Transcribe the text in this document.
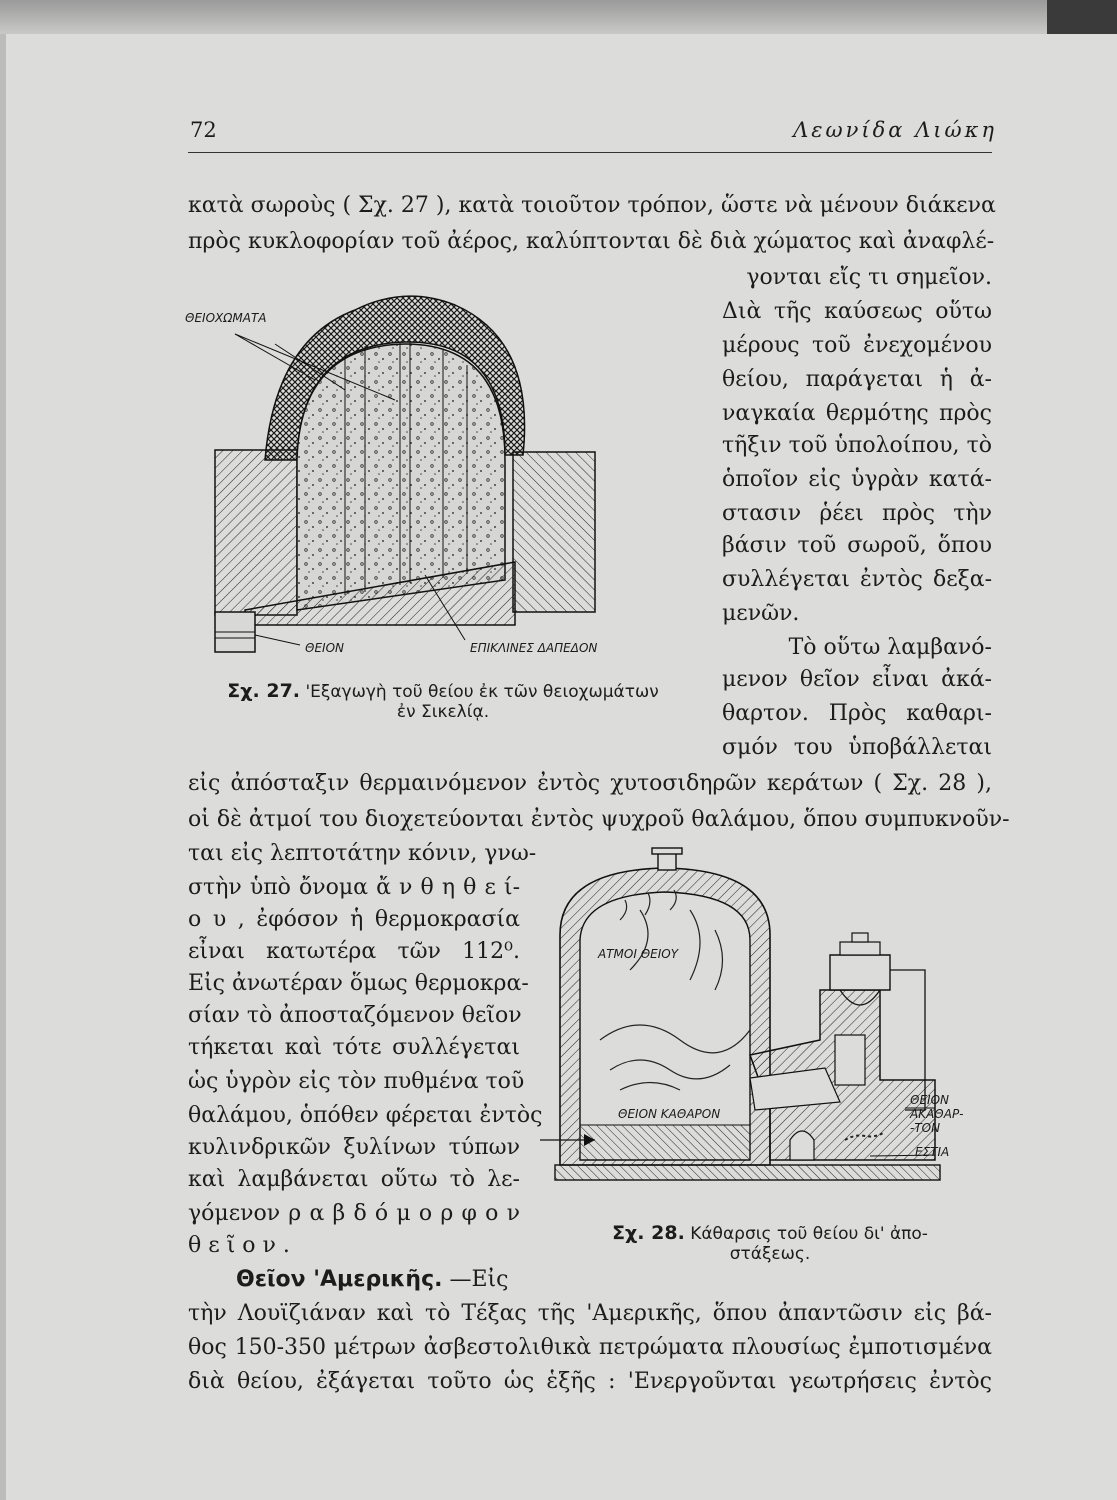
72	Λεωνίδα Λιώκη
κατὰ σωροὺς ( Σχ. 27 ), κατὰ τοιοῦτον τρόπον, ὥστε νὰ μένουν διάκενα
πρὸς κυκλοφορίαν τοῦ ἀέρος, καλύπτονται δὲ διὰ χώματος καὶ ἀναφλέ-
γονται εἴς τι σημεῖον.
Διὰ τῆς καύσεως οὕτω
μέρους τοῦ ἐνεχομένου
θείου, παράγεται ἡ ἀ-
ναγκαία θερμότης πρὸς
τῆξιν τοῦ ὑπολοίπου, τὸ
ὁποῖον εἰς ὑγρὰν κατά-
στασιν ῥέει πρὸς τὴν
βάσιν τοῦ σωροῦ, ὅπου
συλλέγεται ἐντὸς δεξα-
μενῶν.
Τὸ οὕτω λαμβανό-
μενον θεῖον εἶναι ἀκά-
θαρτον. Πρὸς καθαρι-
σμόν του ὑποβάλλεται
ΘΕΙΟΧΩΜΑΤΑ
ΘΕΙΟΝ	ΕΠΙΚΛΙΝΕΣ ΔΑΠΕΔΟΝ
Σχ. 27. 'Εξαγωγὴ τοῦ θείου ἐκ τῶν θειοχωμάτων
ἐν Σικελίᾳ.
εἰς ἀπόσταξιν θερμαινόμενον ἐντὸς χυτοσιδηρῶν κεράτων ( Σχ. 28 ),
οἱ δὲ ἀτμοί του διοχετεύονται ἐντὸς ψυχροῦ θαλάμου, ὅπου συμπυκνοῦν-
ται εἰς λεπτοτάτην κόνιν, γνω-
στὴν ὑπὸ ὄνομα ἄ ν θ η θ ε ί-
ο υ , ἐφόσον ἡ θερμοκρασία
εἶναι κατωτέρα τῶν 112⁰.
Εἰς ἀνωτέραν ὅμως θερμοκρα-
σίαν τὸ ἀποσταζόμενον θεῖον
τήκεται καὶ τότε συλλέγεται
ὡς ὑγρὸν εἰς τὸν πυθμένα τοῦ
θαλάμου, ὁπόθεν φέρεται ἐντὸς
κυλινδρικῶν ξυλίνων τύπων
καὶ λαμβάνεται οὕτω τὸ λε-
γόμενον ρ α β δ ό μ ο ρ φ ο ν
θ ε ῖ ο ν .
ΑΤΜΟΙ ΘΕΙΟΥ
ΘΕΙΟΝ ΚΑΘΑΡΟΝ
ΘΕΙΟΝ
ΑΚΑΘΑΡ-
-ΤΟΝ
ΕΣΤΙΑ
Σχ. 28. Κάθαρσις τοῦ θείου δι' ἀπο-
στάξεως.
Θεῖον 'Αμερικῆς. —Εἰς
τὴν Λουϊζιάναν καὶ τὸ Τέξας τῆς 'Αμερικῆς, ὅπου ἀπαντῶσιν εἰς βά-
θος 150-350 μέτρων ἀσβεστολιθικὰ πετρώματα πλουσίως ἐμποτισμένα
διὰ θείου, ἐξάγεται τοῦτο ὡς ἑξῆς : 'Ενεργοῦνται γεωτρήσεις ἐντὸς
